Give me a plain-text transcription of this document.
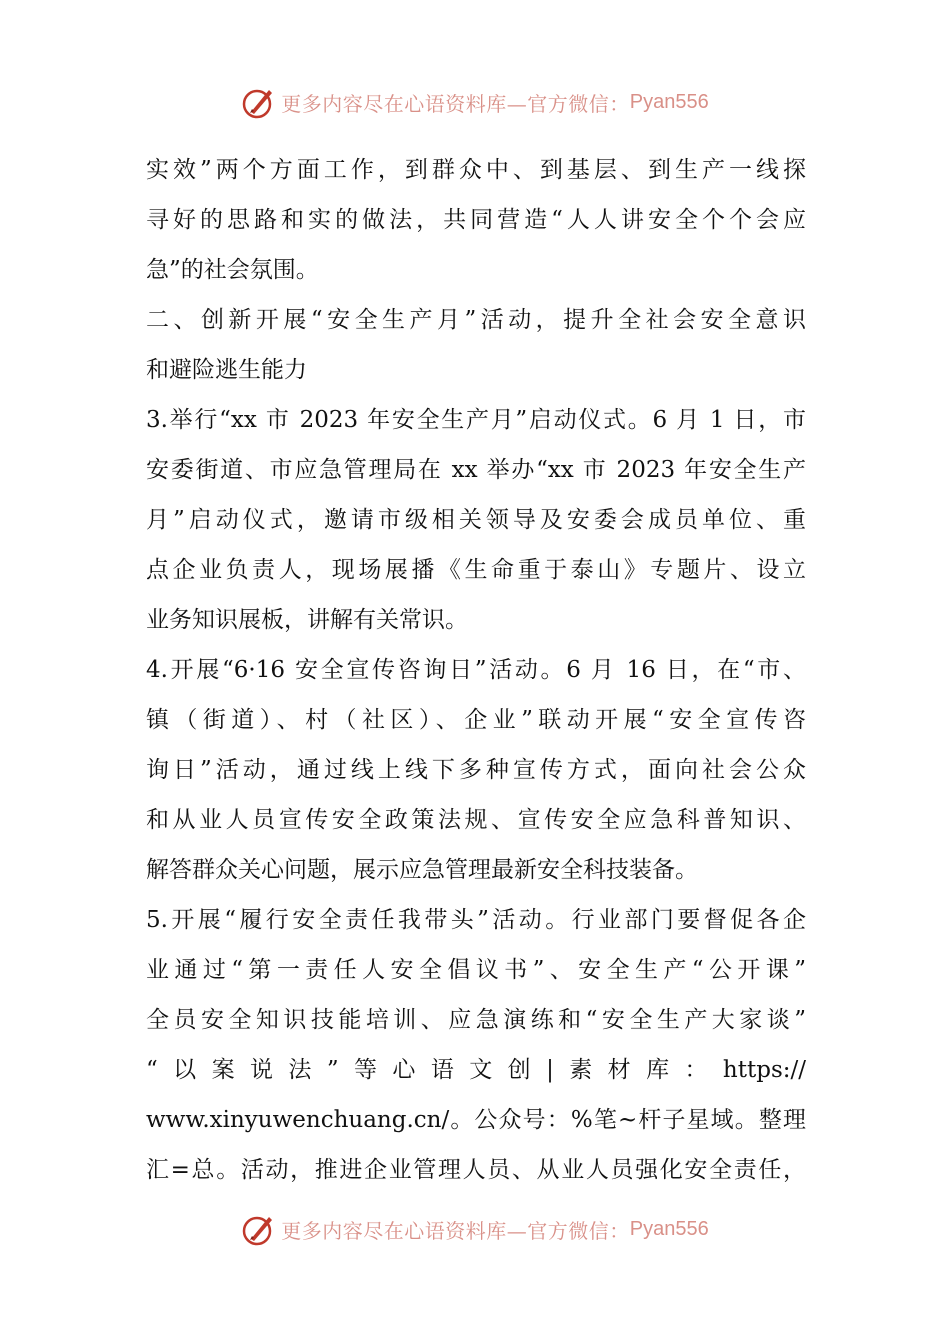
更多内容尽在心语资料库—官方微信： Pyan556
实效”两个方面工作，到群众中、到基层、到生产一线探
寻好的思路和实的做法，共同营造“人人讲安全个个会应
急”的社会氛围。
二、创新开展“安全生产月”活动，提升全社会安全意识
和避险逃生能力
3.举行“xx 市 2023 年安全生产月”启动仪式。6 月 1 日，市
安委街道、市应急管理局在 xx 举办“xx 市 2023 年安全生产
月”启动仪式，邀请市级相关领导及安委会成员单位、重
点企业负责人，现场展播《生命重于泰山》专题片、设立
业务知识展板，讲解有关常识。
4.开展“6·16 安全宣传咨询日”活动。6 月 16 日，在“市、
镇（街道）、村（社区）、企业”联动开展“安全宣传咨
询日”活动，通过线上线下多种宣传方式，面向社会公众
和从业人员宣传安全政策法规、宣传安全应急科普知识、
解答群众关心问题，展示应急管理最新安全科技装备。
5.开展“履行安全责任我带头”活动。行业部门要督促各企
业通过“第一责任人安全倡议书”、安全生产“公开课”
全员安全知识技能培训、应急演练和“安全生产大家谈”
“以案说法”等心语文创|素材库：https://
www.xinyuwenchuang.cn/。公众号：%笔~杆子星域。整理
汇=总。活动，推进企业管理人员、从业人员强化安全责任，
更多内容尽在心语资料库—官方微信： Pyan556
